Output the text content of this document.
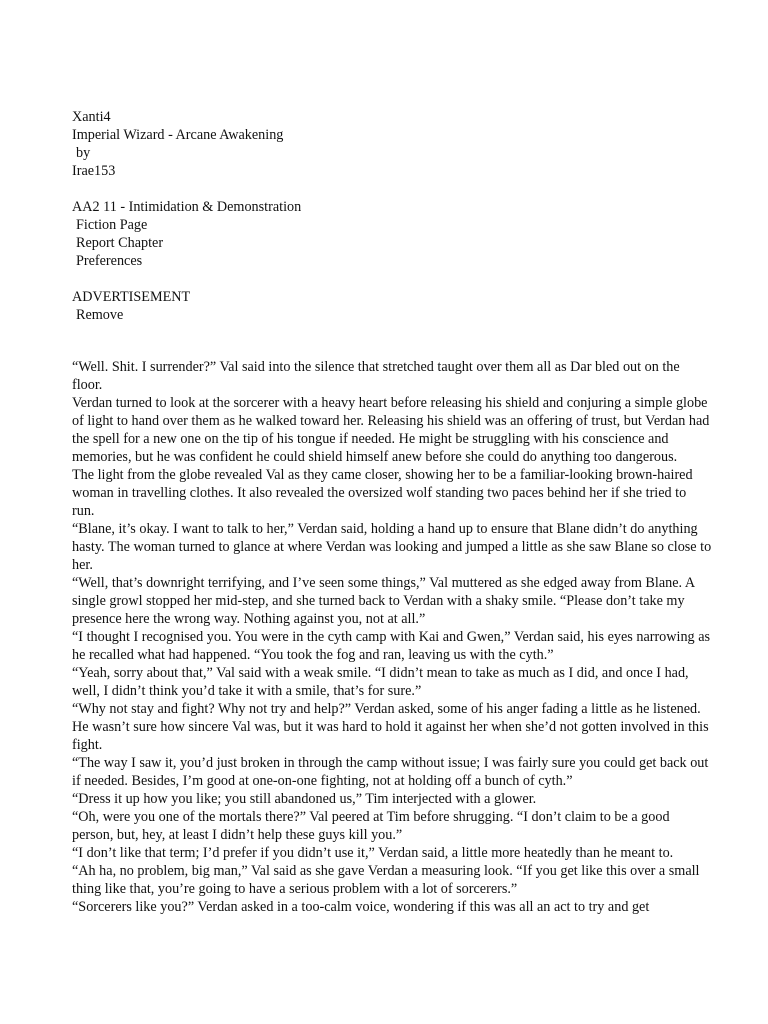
Xanti4
Imperial Wizard - Arcane Awakening
by
Irae153
AA2 11 - Intimidation & Demonstration
Fiction Page
Report Chapter
Preferences
ADVERTISEMENT
Remove

“Well. Shit. I surrender?” Val said into the silence that stretched taught over them all as Dar bled out on the floor.

Verdan turned to look at the sorcerer with a heavy heart before releasing his shield and conjuring a simple globe of light to hand over them as he walked toward her. Releasing his shield was an offering of trust, but Verdan had the spell for a new one on the tip of his tongue if needed. He might be struggling with his conscience and memories, but he was confident he could shield himself anew before she could do anything too dangerous.

The light from the globe revealed Val as they came closer, showing her to be a familiar-looking brown-haired woman in travelling clothes. It also revealed the oversized wolf standing two paces behind her if she tried to run.

“Blane, it’s okay. I want to talk to her,” Verdan said, holding a hand up to ensure that Blane didn’t do anything hasty. The woman turned to glance at where Verdan was looking and jumped a little as she saw Blane so close to her.

“Well, that’s downright terrifying, and I’ve seen some things,” Val muttered as she edged away from Blane. A single growl stopped her mid-step, and she turned back to Verdan with a shaky smile. “Please don’t take my presence here the wrong way. Nothing against you, not at all.”

“I thought I recognised you. You were in the cyth camp with Kai and Gwen,” Verdan said, his eyes narrowing as he recalled what had happened. “You took the fog and ran, leaving us with the cyth.”

“Yeah, sorry about that,” Val said with a weak smile. “I didn’t mean to take as much as I did, and once I had, well, I didn’t think you’d take it with a smile, that’s for sure.”

“Why not stay and fight? Why not try and help?” Verdan asked, some of his anger fading a little as he listened. He wasn’t sure how sincere Val was, but it was hard to hold it against her when she’d not gotten involved in this fight.

“The way I saw it, you’d just broken in through the camp without issue; I was fairly sure you could get back out if needed. Besides, I’m good at one-on-one fighting, not at holding off a bunch of cyth.”

“Dress it up how you like; you still abandoned us,” Tim interjected with a glower.

“Oh, were you one of the mortals there?” Val peered at Tim before shrugging. “I don’t claim to be a good person, but, hey, at least I didn’t help these guys kill you.”

“I don’t like that term; I’d prefer if you didn’t use it,” Verdan said, a little more heatedly than he meant to.

“Ah ha, no problem, big man,” Val said as she gave Verdan a measuring look. “If you get like this over a small thing like that, you’re going to have a serious problem with a lot of sorcerers.”

“Sorcerers like you?” Verdan asked in a too-calm voice, wondering if this was all an act to try and get
